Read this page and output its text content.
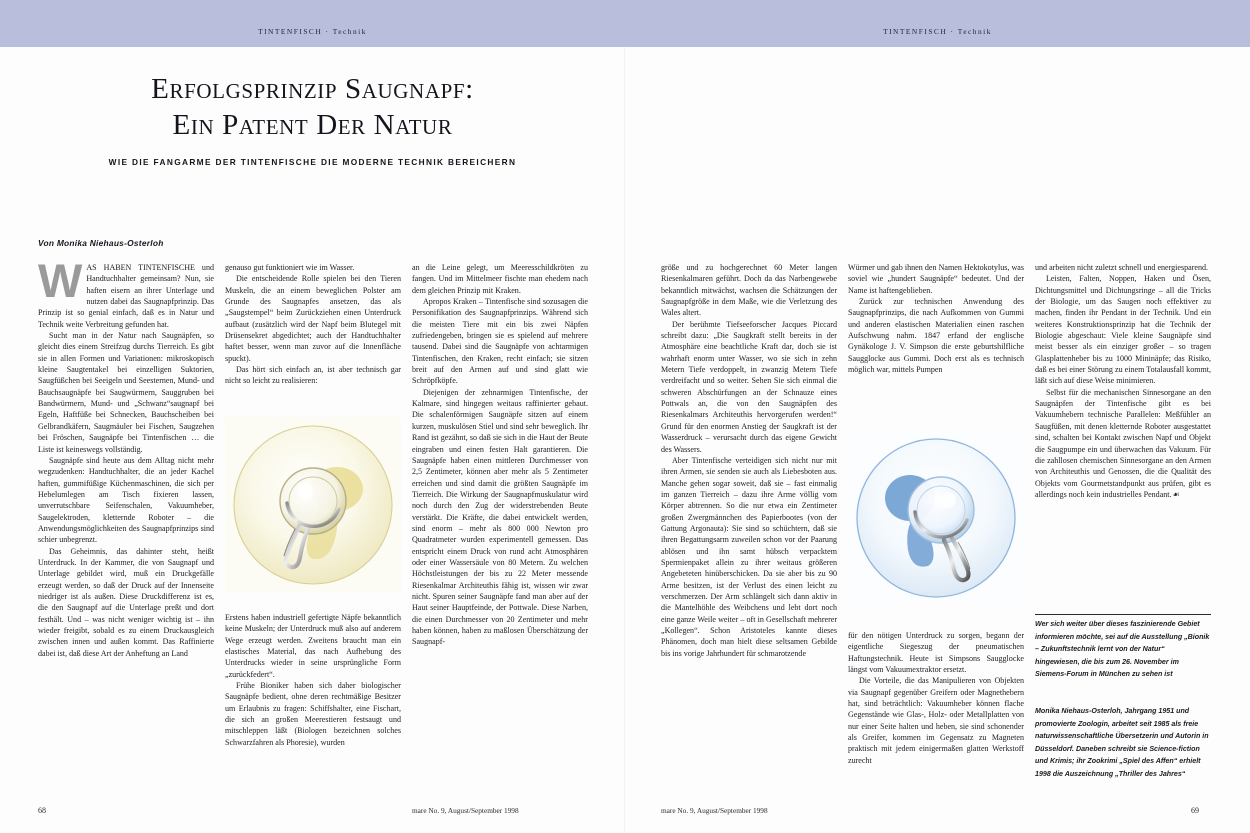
TINTENFISCH · Technik	TINTENFISCH · Technik
ERFOLGSPRINZIP SAUGNAPF:
EIN PATENT DER NATUR
WIE DIE FANGARME DER TINTENFISCHE DIE MODERNE TECHNIK BEREICHERN
Von Monika Niehaus-Osterloh

WAS HABEN TINTENFISCHE und Handtuchhalter gemeinsam? Nun, sie haften eisern an ihrer Unterlage und nutzen dabei das Saugnapfprinzip. Das Prinzip ist so genial einfach, daß es in Natur und Technik weite Verbreitung gefunden hat.

Sucht man in der Natur nach Saugnäpfen, so gleicht dies einem Streifzug durchs Tierreich. Es gibt sie in allen Formen und Variationen: mikroskopisch kleine Saugtentakel bei einzelligen Suktorien, Saugfüßchen bei Seeigeln und Seesternen, Mund- und Bauchsaugnäpfe bei Saugwürmern, Sauggruben bei Bandwürmern, Mund- und „Schwanz“saugnapf bei Egeln, Haftfüße bei Schnecken, Bauchscheiben bei Gelbrandkäfern, Saugmäuler bei Fischen, Saugzehen bei Fröschen, Saugnäpfe bei Tintenfischen … die Liste ist keineswegs vollständig.

Saugnäpfe sind heute aus dem Alltag nicht mehr wegzudenken: Handtuchhalter, die an jeder Kachel haften, gummifüßige Küchenmaschinen, die sich per Hebelumlegen am Tisch fixieren lassen, unverrutschbare Seifenschalen, Vakuumheber, Saugelektroden, kletternde Roboter – die Anwendungsmöglichkeiten des Saugnapfprinzips sind schier unbegrenzt.

Das Geheimnis, das dahinter steht, heißt Unterdruck. In der Kammer, die von Saugnapf und Unterlage gebildet wird, muß ein Druckgefälle erzeugt werden, so daß der Druck auf der Innenseite niedriger ist als außen. Diese Druckdifferenz ist es, die den Saugnapf auf die Unterlage preßt und dort festhält. Und – was nicht weniger wichtig ist – ihn wieder freigibt, sobald es zu einem Druckausgleich zwischen innen und außen kommt. Das Raffinierte dabei ist, daß diese Art der Anheftung an Land

genauso gut funktioniert wie im Wasser.

Die entscheidende Rolle spielen bei den Tieren Muskeln, die an einem beweglichen Polster am Grunde des Saugnapfes ansetzen, das als „Saugstempel“ beim Zurückziehen einen Unterdruck aufbaut (zusätzlich wird der Napf beim Blutegel mit Drüsensekret abgedichtet; auch der Handtuchhalter haftet besser, wenn man zuvor auf die Innenfläche spuckt).

Das hört sich einfach an, ist aber technisch gar nicht so leicht zu realisieren:

Erstens haben industriell gefertigte Näpfe bekanntlich keine Muskeln; der Unterdruck muß also auf anderem Wege erzeugt werden. Zweitens braucht man ein elastisches Material, das nach Aufhebung des Unterdrucks wieder in seine ursprüngliche Form „zurückfedert“.

Frühe Bioniker haben sich daher biologischer Saugnäpfe bedient, ohne deren rechtmäßige Besitzer um Erlaubnis zu fragen: Schiffshalter, eine Fischart, die sich an großen Meerestieren festsaugt und mitschleppen läßt (Biologen bezeichnen solches Schwarzfahren als Phoresie), wurden

an die Leine gelegt, um Meeresschildkröten zu fangen. Und im Mittelmeer fischte man ehedem nach dem gleichen Prinzip mit Kraken.

Apropos Kraken – Tintenfische sind sozusagen die Personifikation des Saugnapfprinzips. Während sich die meisten Tiere mit ein bis zwei Näpfen zufriedengeben, bringen sie es spielend auf mehrere tausend. Dabei sind die Saugnäpfe von achtarmigen Tintenfischen, den Kraken, recht einfach; sie sitzen breit auf den Armen auf und sind glatt wie Schröpfköpfe.

Diejenigen der zehnarmigen Tintenfische, der Kalmare, sind hingegen weitaus raffinierter gebaut. Die schalenförmigen Saugnäpfe sitzen auf einem kurzen, muskulösen Stiel und sind sehr beweglich. Ihr Rand ist gezähnt, so daß sie sich in die Haut der Beute eingraben und einen festen Halt garantieren. Die Saugnäpfe haben einen mittleren Durchmesser von 2,5 Zentimeter, können aber mehr als 5 Zentimeter erreichen und sind damit die größten Saugnäpfe im Tierreich. Die Wirkung der Saugnapfmuskulatur wird noch durch den Zug der widerstrebenden Beute verstärkt. Die Kräfte, die dabei entwickelt werden, sind enorm – mehr als 800 000 Newton pro Quadratmeter wurden experimentell gemessen. Das entspricht einem Druck von rund acht Atmosphären oder einer Wassersäule von 80 Metern. Zu welchen Höchstleistungen der bis zu 22 Meter messende Riesenkalmar Architeuthis fähig ist, wissen wir zwar nicht. Spuren seiner Saugnäpfe fand man aber auf der Haut seiner Hauptfeinde, der Pottwale. Diese Narben, die einen Durchmesser von 20 Zentimeter und mehr haben können, haben zu maßlosen Überschätzung der Saugnapf-

größe und zu hochgerechnet 60 Meter langen Riesenkalmaren geführt. Doch da das Narbengewebe bekanntlich mitwächst, wachsen die Schätzungen der Saugnapfgröße in dem Maße, wie die Verletzung des Wales altert.

Der berühmte Tiefseeforscher Jacques Piccard schreibt dazu: „Die Saugkraft stellt bereits in der Atmosphäre eine beachtliche Kraft dar, doch sie ist wahrhaft enorm unter Wasser, wo sie sich in zehn Metern Tiefe verdoppelt, in zwanzig Metern Tiefe verdreifacht und so weiter. Sehen Sie sich einmal die schweren Abschürfungen an der Schnauze eines Pottwals an, die von den Saugnäpfen des Riesenkalmars Architeuthis hervorgerufen werden!“ Grund für den enormen Anstieg der Saugkraft ist der Wasserdruck – verursacht durch das eigene Gewicht des Wassers.

Aber Tintenfische verteidigen sich nicht nur mit ihren Armen, sie senden sie auch als Liebesboten aus. Manche gehen sogar soweit, daß sie – fast einmalig im ganzen Tierreich – dazu ihre Arme völlig vom Körper abtrennen. So die nur etwa ein Zentimeter großen Zwergmännchen des Papierbootes (von der Gattung Argonauta): Sie sind so schüchtern, daß sie ihren Begattungsarm zuweilen schon vor der Paarung ablösen und ihn samt hübsch verpacktem Spermienpaket allein zu ihrer weitaus größeren Angebeteten hinüberschicken. Da sie aber bis zu 90 Arme besitzen, ist der Verlust des einen leicht zu verschmerzen. Der Arm schlängelt sich dann aktiv in die Mantelhöhle des Weibchens und lebt dort noch eine ganze Weile weiter – oft in Gesellschaft mehrerer „Kollegen“. Schon Aristoteles kannte dieses Phänomen, doch man hielt diese seltsamen Gebilde bis ins vorige Jahrhundert für schmarotzende

Würmer und gab ihnen den Namen Hektokotylus, was soviel wie „hundert Saugnäpfe“ bedeutet. Und der Name ist haftengeblieben.

Zurück zur technischen Anwendung des Saugnapfprinzips, die nach Aufkommen von Gummi und anderen elastischen Materialien einen raschen Aufschwung nahm. 1847 erfand der englische Gynäkologe J. V. Simpson die erste geburtshilfliche Saugglocke aus Gummi. Doch erst als es technisch möglich war, mittels Pumpen

für den nötigen Unterdruck zu sorgen, begann der eigentliche Siegeszug der pneumatischen Haftungstechnik. Heute ist Simpsons Saugglocke längst vom Vakuumextraktor ersetzt.

Die Vorteile, die das Manipulieren von Objekten via Saugnapf gegenüber Greifern oder Magnethebern hat, sind beträchtlich: Vakuumheber können flache Gegenstände wie Glas-, Holz- oder Metallplatten von nur einer Seite halten und heben, sie sind schonender als Greifer, kommen im Gegensatz zu Magneten praktisch mit jedem einigermaßen glatten Werkstoff zurecht

und arbeiten nicht zuletzt schnell und energiesparend.

Leisten, Falten, Noppen, Haken und Ösen, Dichtungsmittel und Dichtungsringe – all die Tricks der Biologie, um das Saugen noch effektiver zu machen, finden ihr Pendant in der Technik. Und ein weiteres Konstruktionsprinzip hat die Technik der Biologie abgeschaut: Viele kleine Saugnäpfe sind meist besser als ein einziger großer – so tragen Glasplattenheber bis zu 1000 Mininäpfe; das Risiko, daß es bei einer Störung zu einem Totalausfall kommt, läßt sich auf diese Weise minimieren.

Selbst für die mechanischen Sinnesorgane an den Saugnäpfen der Tintenfische gibt es bei Vakuumhebern technische Parallelen: Meßfühler an Saugfüßen, mit denen kletternde Roboter ausgestattet sind, schalten bei Kontakt zwischen Napf und Objekt die Saugpumpe ein und überwachen das Vakuum. Für die zahllosen chemischen Sinnesorgane an den Armen von Architeuthis und Genossen, die die Qualität des Objekts vom Gourmetstandpunkt aus prüfen, gibt es allerdings noch kein industrielles Pendant. ☙

Wer sich weiter über dieses faszinierende Gebiet informieren möchte, sei auf die Ausstellung „Bionik – Zukunftstechnik lernt von der Natur“ hingewiesen, die bis zum 26. November im Siemens-Forum in München zu sehen ist
Monika Niehaus-Osterloh, Jahrgang 1951 und promovierte Zoologin, arbeitet seit 1985 als freie naturwissenschaftliche Übersetzerin und Autorin in Düsseldorf. Daneben schreibt sie Science-fiction und Krimis; ihr Zookrimi „Spiel des Affen“ erhielt 1998 die Auszeichnung „Thriller des Jahres“
68	69
mare No. 9, August/September 1998	mare No. 9, August/September 1998
